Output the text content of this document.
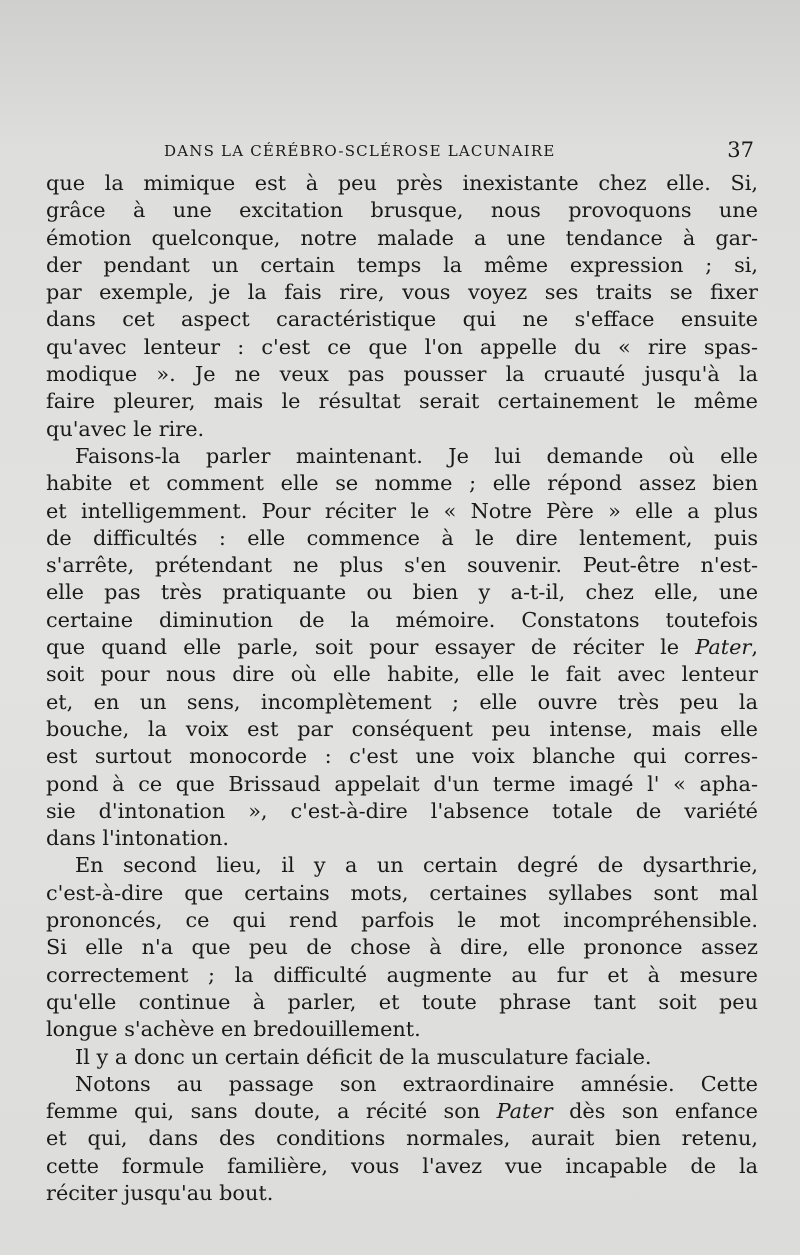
DANS LA CÉRÉBRO-SCLÉROSE LACUNAIRE	37
que la mimique est à peu près inexistante chez elle. Si,
grâce à une excitation brusque, nous provoquons une
émotion quelconque, notre malade a une tendance à gar-
der pendant un certain temps la même expression ; si,
par exemple, je la fais rire, vous voyez ses traits se fixer
dans cet aspect caractéristique qui ne s'efface ensuite
qu'avec lenteur : c'est ce que l'on appelle du « rire spas-
modique ». Je ne veux pas pousser la cruauté jusqu'à la
faire pleurer, mais le résultat serait certainement le même
qu'avec le rire.
Faisons-la parler maintenant. Je lui demande où elle
habite et comment elle se nomme ; elle répond assez bien
et intelligemment. Pour réciter le « Notre Père » elle a plus
de difficultés : elle commence à le dire lentement, puis
s'arrête, prétendant ne plus s'en souvenir. Peut-être n'est-
elle pas très pratiquante ou bien y a-t-il, chez elle, une
certaine diminution de la mémoire. Constatons toutefois
que quand elle parle, soit pour essayer de réciter le Pater,
soit pour nous dire où elle habite, elle le fait avec lenteur
et, en un sens, incomplètement ; elle ouvre très peu la
bouche, la voix est par conséquent peu intense, mais elle
est surtout monocorde : c'est une voix blanche qui corres-
pond à ce que Brissaud appelait d'un terme imagé l' « apha-
sie d'intonation », c'est-à-dire l'absence totale de variété
dans l'intonation.
En second lieu, il y a un certain degré de dysarthrie,
c'est-à-dire que certains mots, certaines syllabes sont mal
prononcés, ce qui rend parfois le mot incompréhensible.
Si elle n'a que peu de chose à dire, elle prononce assez
correctement ; la difficulté augmente au fur et à mesure
qu'elle continue à parler, et toute phrase tant soit peu
longue s'achève en bredouillement.
Il y a donc un certain déficit de la musculature faciale.
Notons au passage son extraordinaire amnésie. Cette
femme qui, sans doute, a récité son Pater dès son enfance
et qui, dans des conditions normales, aurait bien retenu,
cette formule familière, vous l'avez vue incapable de la
réciter jusqu'au bout.
